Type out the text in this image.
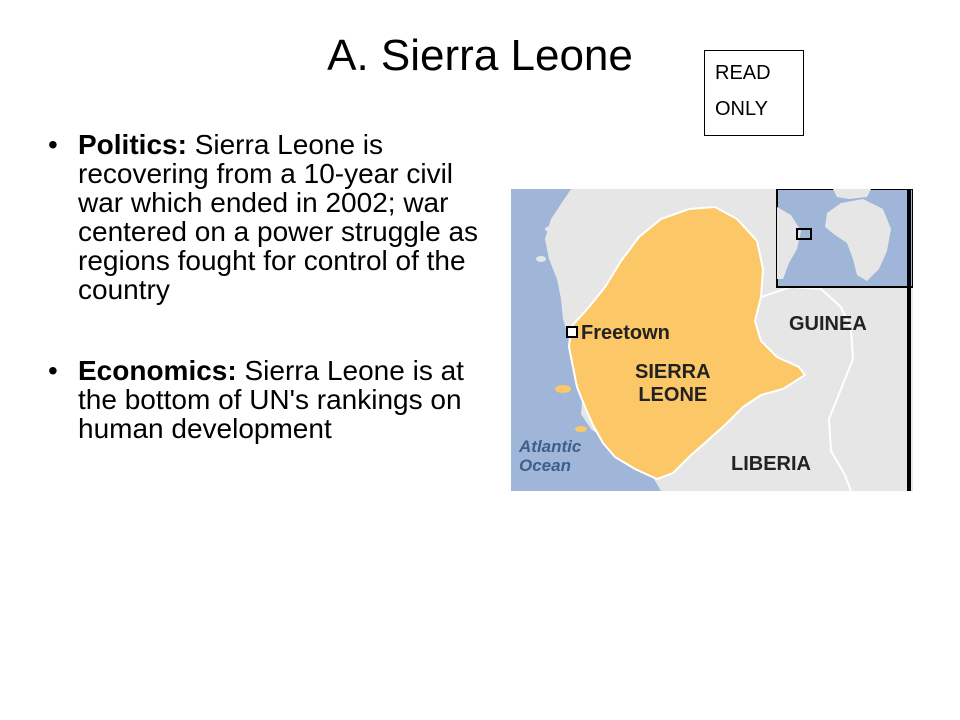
A. Sierra Leone	READ
ONLY
• Politics: Sierra Leone is recovering from a 10-year civil war which ended in 2002; war centered on a power struggle as regions fought for control of the country
• Economics: Sierra Leone is at the bottom of UN's rankings on human development
Freetown
SIERRA
LEONE
GUINEA
LIBERIA
Atlantic
Ocean
